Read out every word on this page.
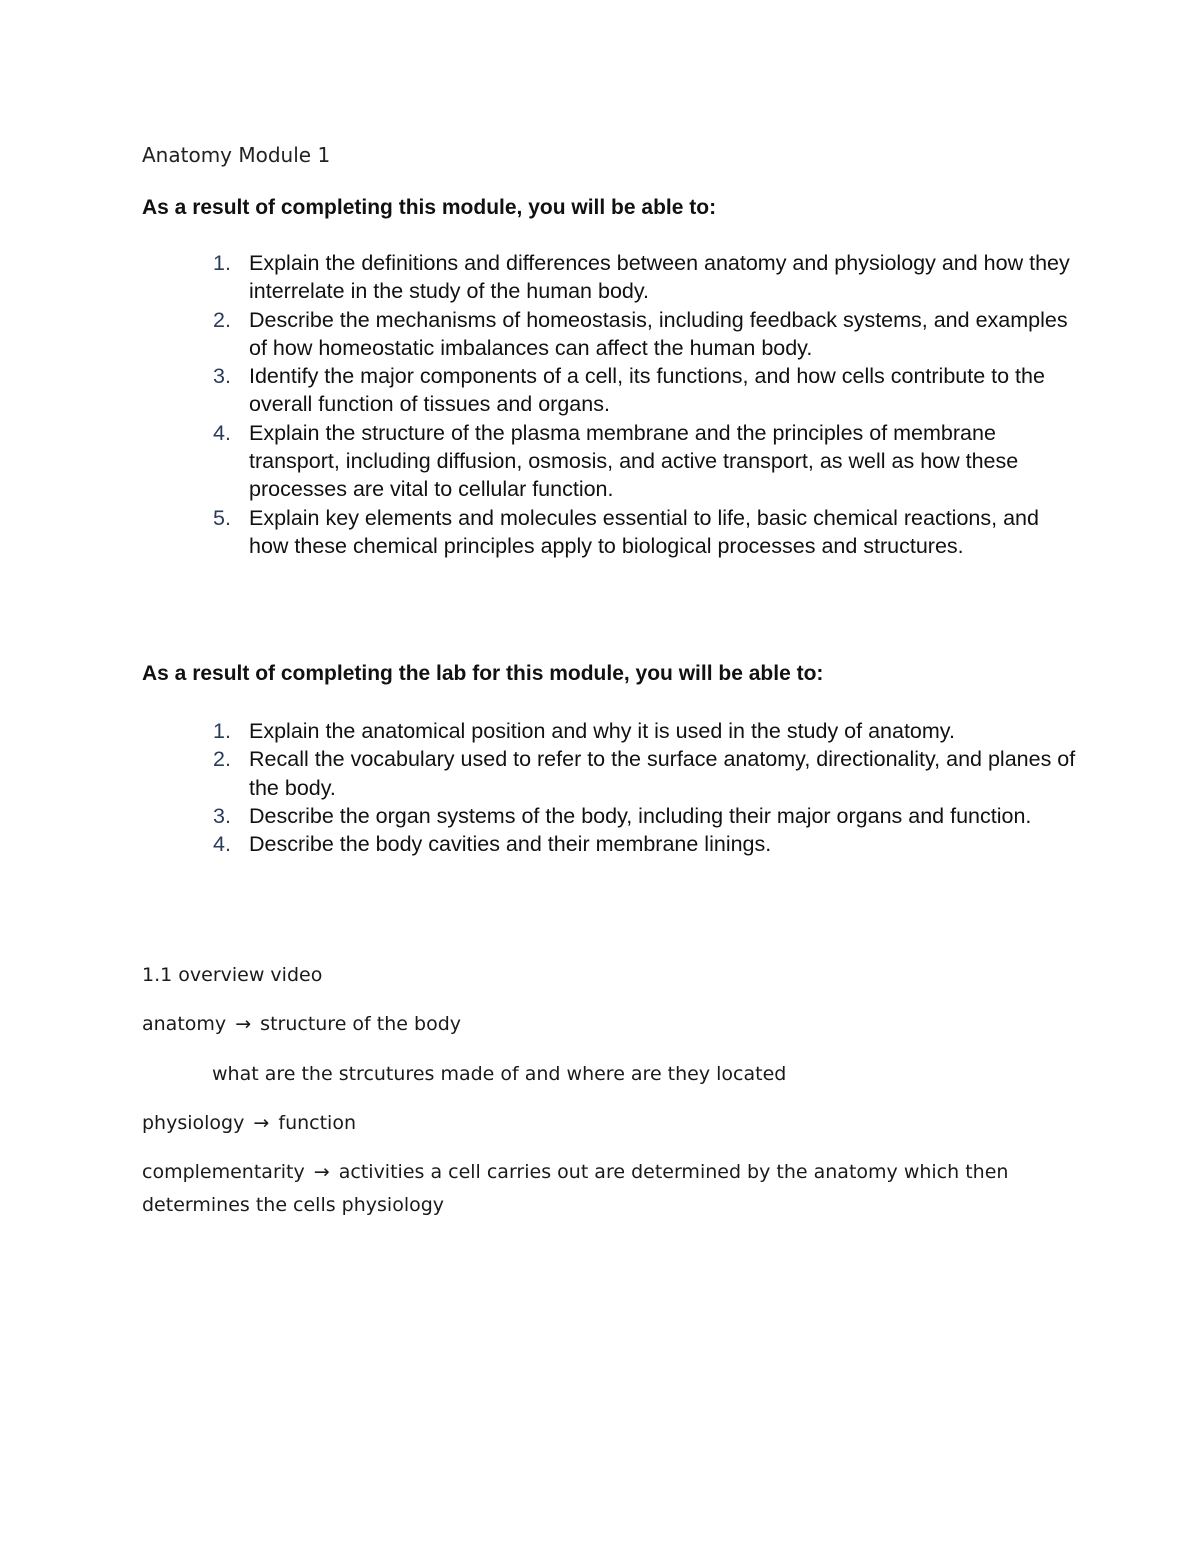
Anatomy Module 1
As a result of completing this module, you will be able to:
1. Explain the definitions and differences between anatomy and physiology and how they interrelate in the study of the human body.
2. Describe the mechanisms of homeostasis, including feedback systems, and examples of how homeostatic imbalances can affect the human body.
3. Identify the major components of a cell, its functions, and how cells contribute to the overall function of tissues and organs.
4. Explain the structure of the plasma membrane and the principles of membrane transport, including diffusion, osmosis, and active transport, as well as how these processes are vital to cellular function.
5. Explain key elements and molecules essential to life, basic chemical reactions, and how these chemical principles apply to biological processes and structures.
As a result of completing the lab for this module, you will be able to:
1. Explain the anatomical position and why it is used in the study of anatomy.
2. Recall the vocabulary used to refer to the surface anatomy, directionality, and planes of the body.
3. Describe the organ systems of the body, including their major organs and function.
4. Describe the body cavities and their membrane linings.
1.1 overview video
anatomy → structure of the body
what are the strcutures made of and where are they located
physiology → function
complementarity → activities a cell carries out are determined by the anatomy which then determines the cells physiology
